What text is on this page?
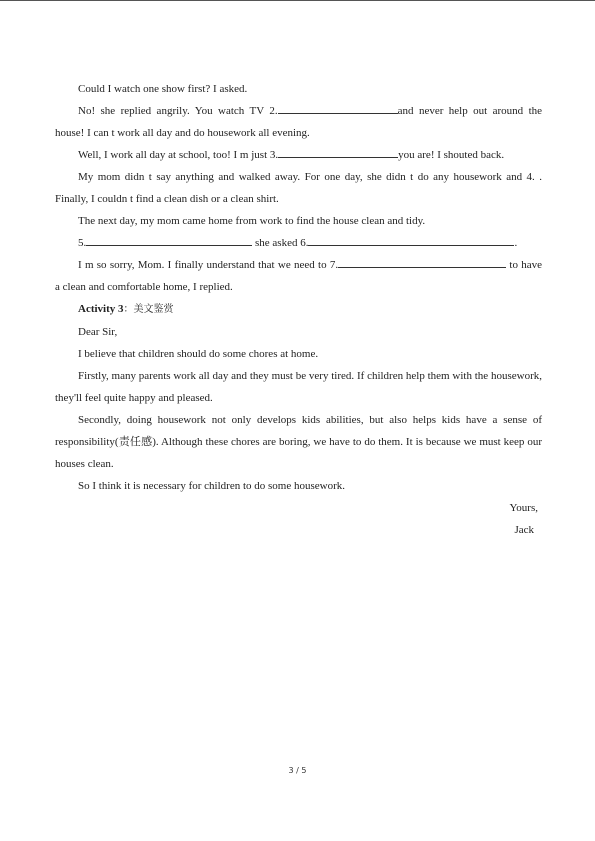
Could I watch one show first? I asked.

No! she replied angrily. You watch TV 2.	and never help out around the house! I can t work all day and do housework all evening.

Well, I work all day at school, too! I m just 3.	you are! I shouted back.

My mom didn t say anything and walked away. For one day, she didn t do any housework and 4. . Finally, I couldn t find a clean dish or a clean shirt.

The next day, my mom came home from work to find the house clean and tidy.

5.	she asked 6.	.

I m so sorry, Mom. I finally understand that we need to 7.	to have a clean and comfortable home, I replied.

Activity 3：美文鉴赏

Dear Sir,

I believe that children should do some chores at home.

Firstly, many parents work all day and they must be very tired. If children help them with the housework, they'll feel quite happy and pleased.

Secondly, doing housework not only develops kids abilities, but also helps kids have a sense of responsibility(责任感). Although these chores are boring, we have to do them. It is because we must keep our houses clean.

So I think it is necessary for children to do some housework.

Yours,

Jack

3 / 5
